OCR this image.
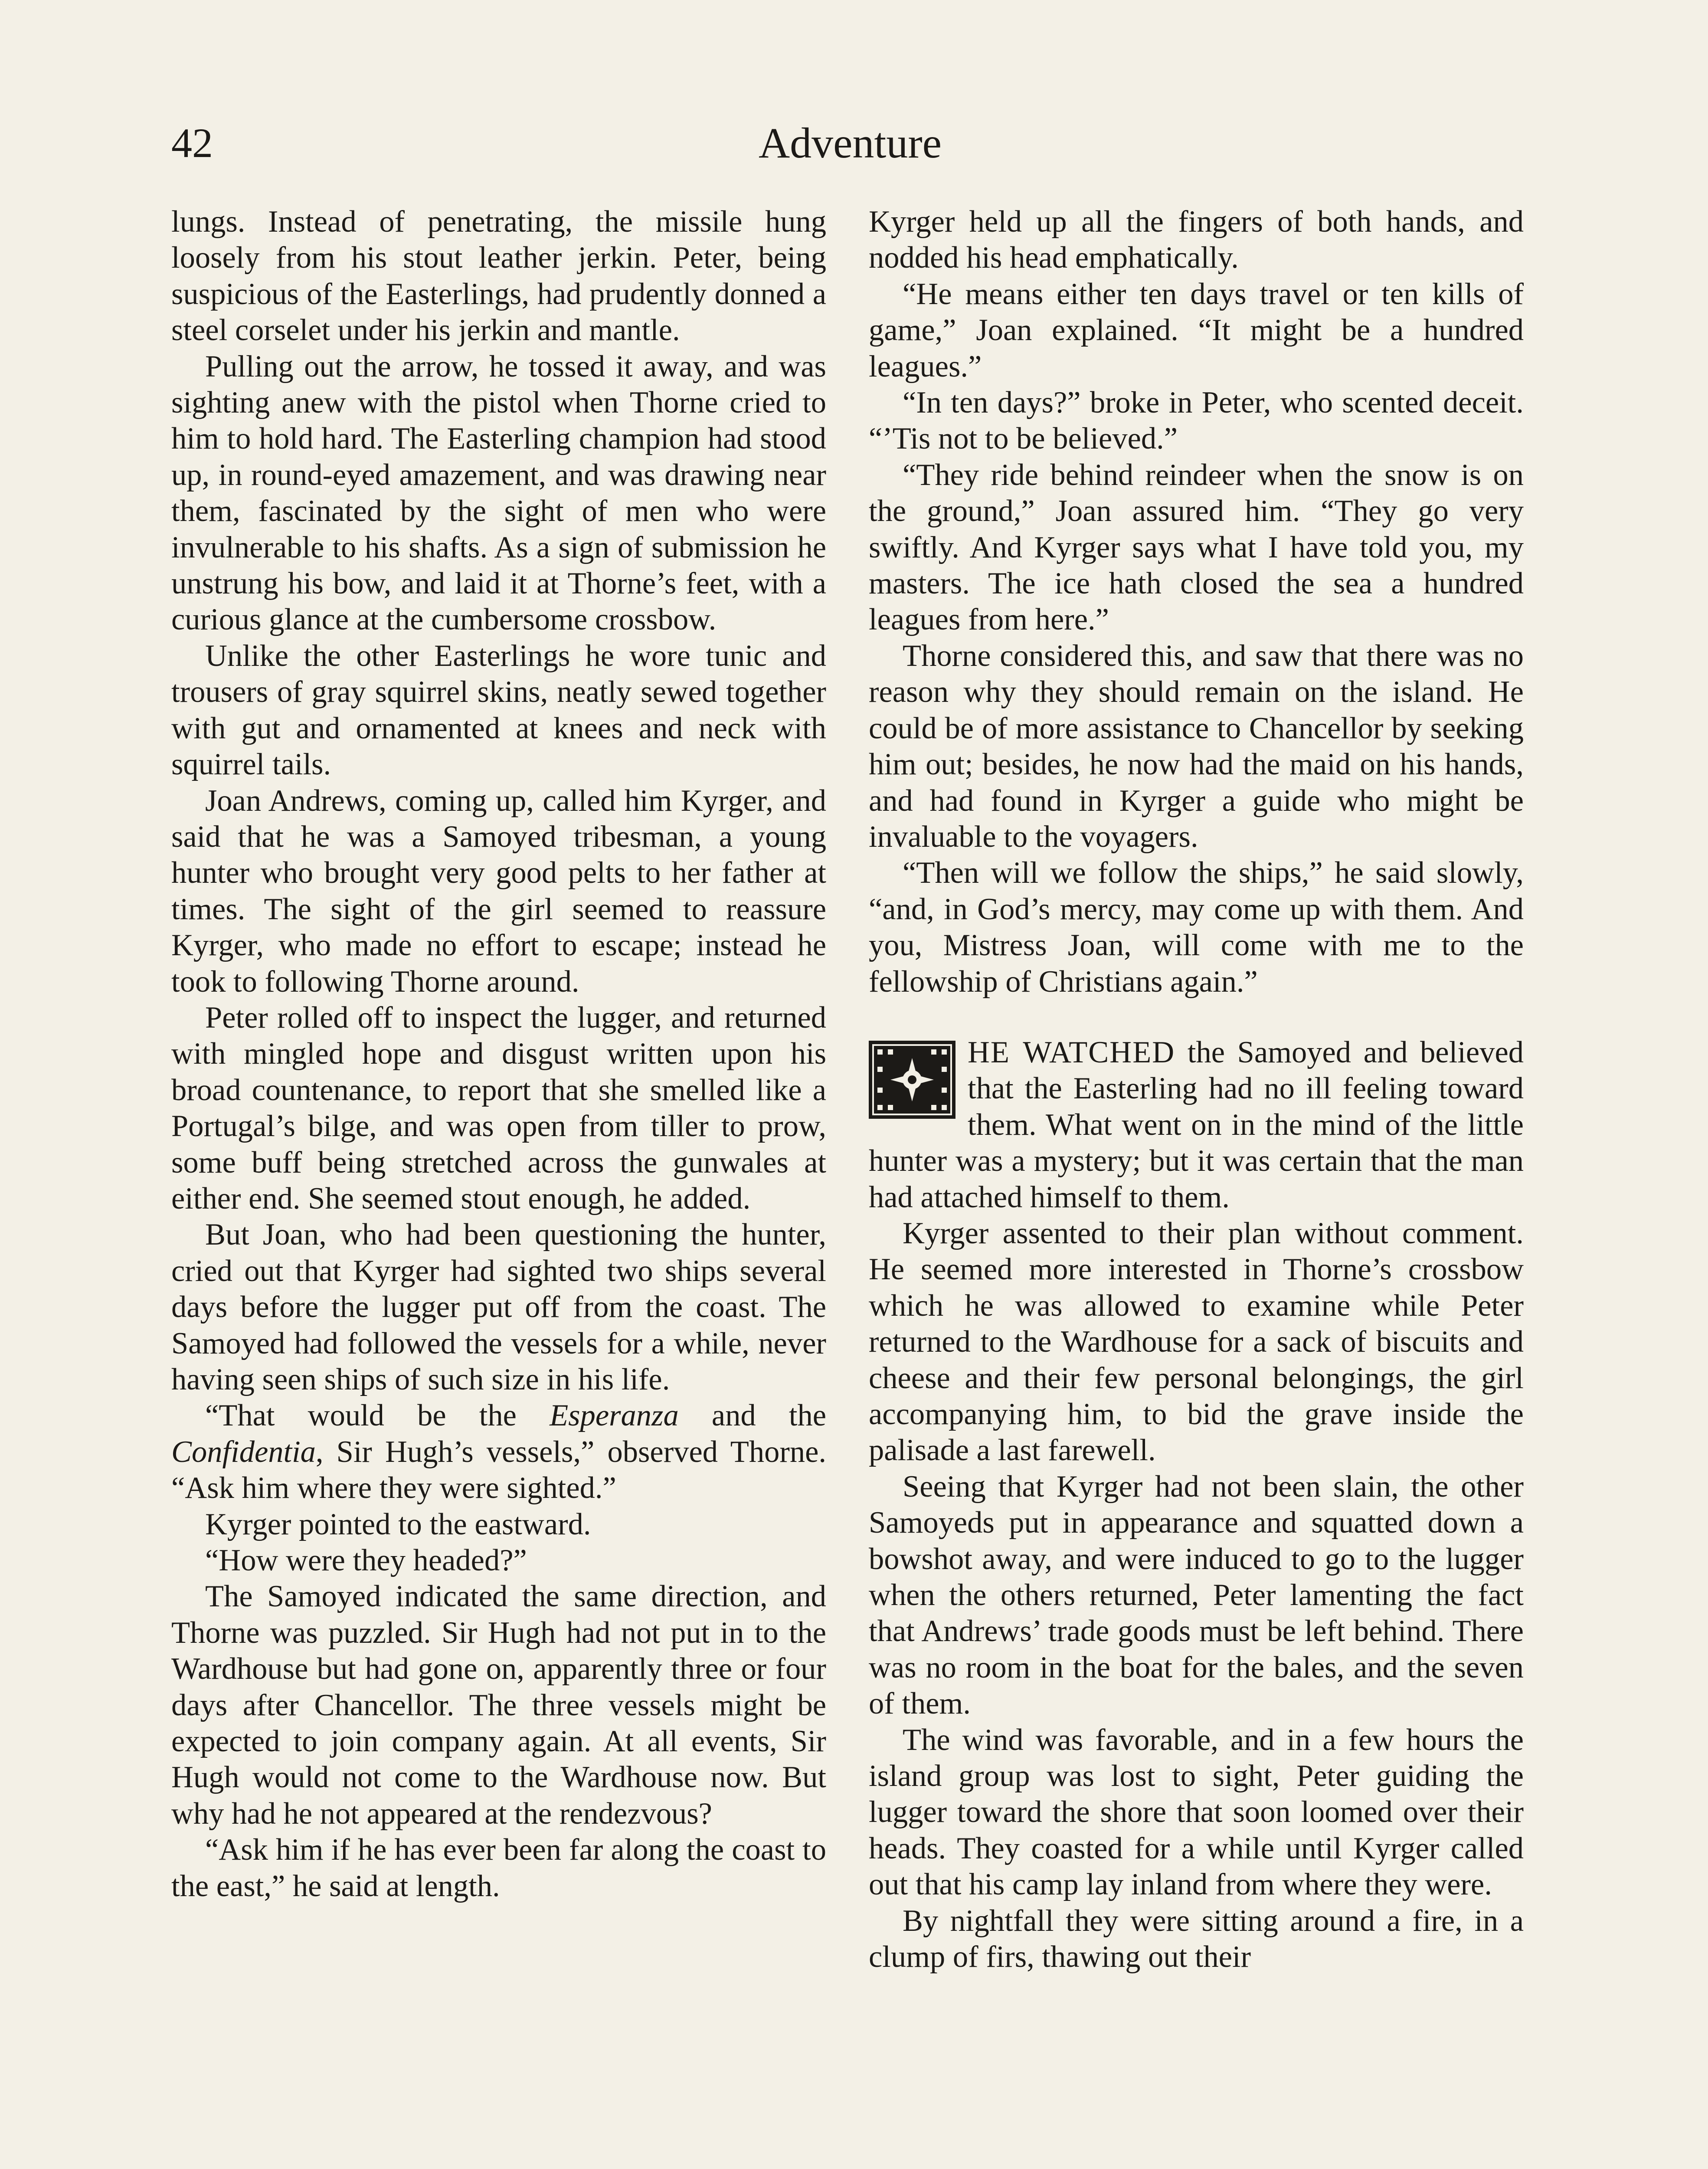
42	Adventure

lungs. Instead of penetrating, the missile hung loosely from his stout leather jerkin. Peter, being suspicious of the Easterlings, had prudently donned a steel corselet under his jerkin and mantle.

Pulling out the arrow, he tossed it away, and was sighting anew with the pistol when Thorne cried to him to hold hard. The Easterling champion had stood up, in round-eyed amazement, and was drawing near them, fascinated by the sight of men who were invulnerable to his shafts. As a sign of submission he unstrung his bow, and laid it at Thorne’s feet, with a curious glance at the cumbersome crossbow.

Unlike the other Easterlings he wore tunic and trousers of gray squirrel skins, neatly sewed together with gut and ornamented at knees and neck with squirrel tails.

Joan Andrews, coming up, called him Kyrger, and said that he was a Samoyed tribesman, a young hunter who brought very good pelts to her father at times. The sight of the girl seemed to reassure Kyrger, who made no effort to escape; instead he took to following Thorne around.

Peter rolled off to inspect the lugger, and returned with mingled hope and disgust written upon his broad countenance, to report that she smelled like a Portugal’s bilge, and was open from tiller to prow, some buff being stretched across the gunwales at either end. She seemed stout enough, he added.

But Joan, who had been questioning the hunter, cried out that Kyrger had sighted two ships several days before the lugger put off from the coast. The Samoyed had followed the vessels for a while, never having seen ships of such size in his life.

“That would be the Esperanza and the Confidentia, Sir Hugh’s vessels,” observed Thorne. “Ask him where they were sighted.”

Kyrger pointed to the eastward.

“How were they headed?”

The Samoyed indicated the same direction, and Thorne was puzzled. Sir Hugh had not put in to the Wardhouse but had gone on, apparently three or four days after Chancellor. The three vessels might be expected to join company again. At all events, Sir Hugh would not come to the Wardhouse now. But why had he not appeared at the rendezvous?

“Ask him if he has ever been far along the coast to the east,” he said at length.

Kyrger held up all the fingers of both hands, and nodded his head emphatically.

“He means either ten days travel or ten kills of game,” Joan explained. “It might be a hundred leagues.”

“In ten days?” broke in Peter, who scented deceit. “’Tis not to be believed.”

“They ride behind reindeer when the snow is on the ground,” Joan assured him. “They go very swiftly. And Kyrger says what I have told you, my masters. The ice hath closed the sea a hundred leagues from here.”

Thorne considered this, and saw that there was no reason why they should remain on the island. He could be of more assistance to Chancellor by seeking him out; besides, he now had the maid on his hands, and had found in Kyrger a guide who might be invaluable to the voyagers.

“Then will we follow the ships,” he said slowly, “and, in God’s mercy, may come up with them. And you, Mistress Joan, will come with me to the fellowship of Christians again.”

HE WATCHED the Samoyed and believed that the Easterling had no ill feeling toward them. What went on in the mind of the little hunter was a mystery; but it was certain that the man had attached himself to them.

Kyrger assented to their plan without comment. He seemed more interested in Thorne’s crossbow which he was allowed to examine while Peter returned to the Wardhouse for a sack of biscuits and cheese and their few personal belongings, the girl accompanying him, to bid the grave inside the palisade a last farewell.

Seeing that Kyrger had not been slain, the other Samoyeds put in appearance and squatted down a bowshot away, and were induced to go to the lugger when the others returned, Peter lamenting the fact that Andrews’ trade goods must be left behind. There was no room in the boat for the bales, and the seven of them.

The wind was favorable, and in a few hours the island group was lost to sight, Peter guiding the lugger toward the shore that soon loomed over their heads. They coasted for a while until Kyrger called out that his camp lay inland from where they were.

By nightfall they were sitting around a fire, in a clump of firs, thawing out their
